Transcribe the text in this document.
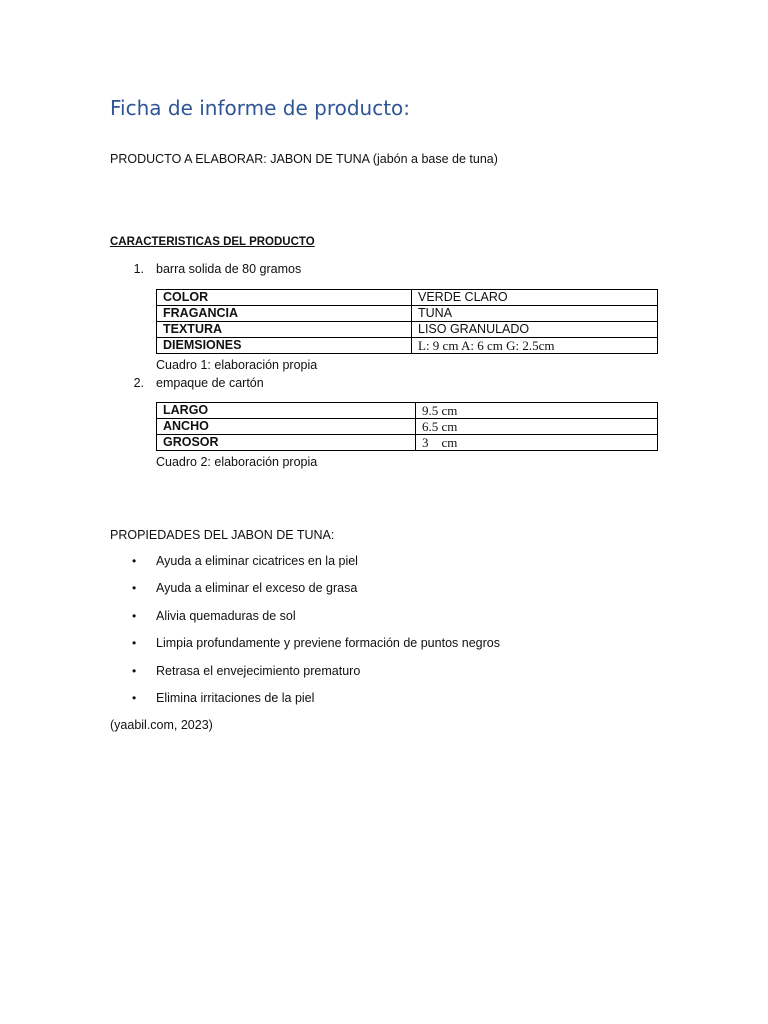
Ficha de informe de producto:

PRODUCTO A ELABORAR: JABON DE TUNA (jabón a base de tuna)

CARACTERISTICAS DEL PRODUCTO

1. barra solida de 80 gramos
COLOR	VERDE CLARO
FRAGANCIA	TUNA
TEXTURA	LISO GRANULADO
DIEMSIONES	L: 9 cm A: 6 cm G: 2.5cm

Cuadro 1: elaboración propia

2. empaque de cartón
LARGO	9.5 cm
ANCHO	6.5 cm
GROSOR	3    cm

Cuadro 2: elaboración propia

PROPIEDADES DEL JABON DE TUNA:

• Ayuda a eliminar cicatrices en la piel
• Ayuda a eliminar el exceso de grasa
• Alivia quemaduras de sol
• Limpia profundamente y previene formación de puntos negros
• Retrasa el envejecimiento prematuro
• Elimina irritaciones de la piel

(yaabil.com, 2023)
